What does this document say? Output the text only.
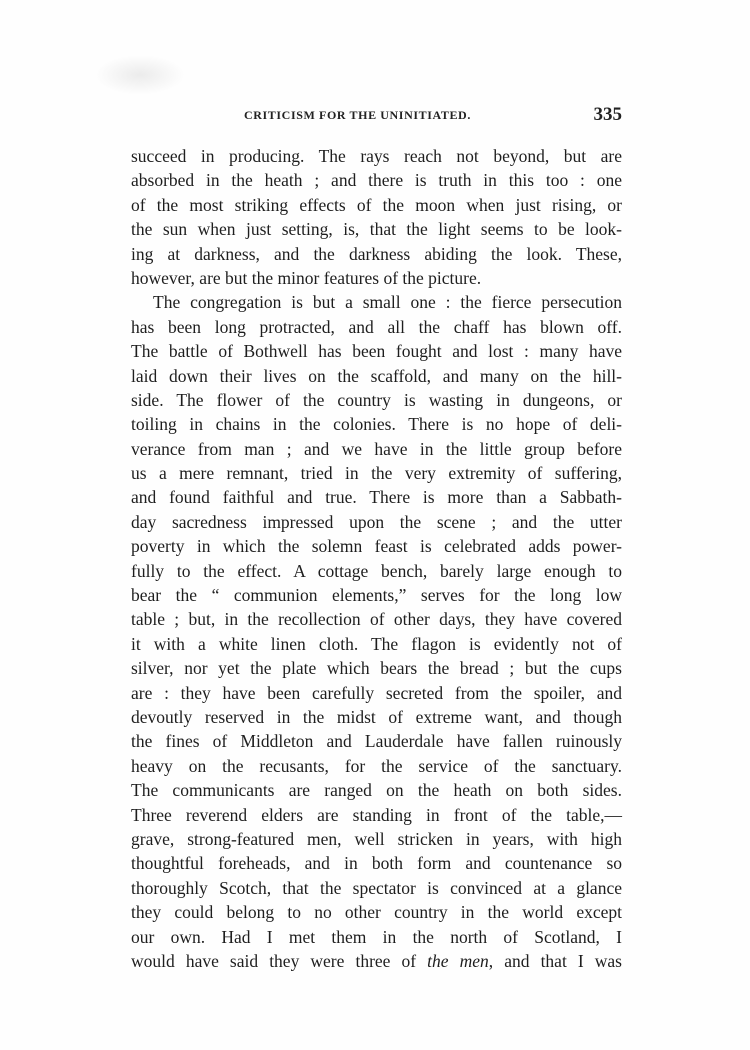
CRITICISM FOR THE UNINITIATED.	335
succeed in producing. The rays reach not beyond, but are
absorbed in the heath ; and there is truth in this too : one
of the most striking effects of the moon when just rising, or
the sun when just setting, is, that the light seems to be look-
ing at darkness, and the darkness abiding the look. These,
however, are but the minor features of the picture.
The congregation is but a small one : the fierce persecution
has been long protracted, and all the chaff has blown off.
The battle of Bothwell has been fought and lost : many have
laid down their lives on the scaffold, and many on the hill-
side. The flower of the country is wasting in dungeons, or
toiling in chains in the colonies. There is no hope of deli-
verance from man ; and we have in the little group before
us a mere remnant, tried in the very extremity of suffering,
and found faithful and true. There is more than a Sabbath-
day sacredness impressed upon the scene ; and the utter
poverty in which the solemn feast is celebrated adds power-
fully to the effect. A cottage bench, barely large enough to
bear the “ communion elements,” serves for the long low
table ; but, in the recollection of other days, they have covered
it with a white linen cloth. The flagon is evidently not of
silver, nor yet the plate which bears the bread ; but the cups
are : they have been carefully secreted from the spoiler, and
devoutly reserved in the midst of extreme want, and though
the fines of Middleton and Lauderdale have fallen ruinously
heavy on the recusants, for the service of the sanctuary.
The communicants are ranged on the heath on both sides.
Three reverend elders are standing in front of the table,—
grave, strong-featured men, well stricken in years, with high
thoughtful foreheads, and in both form and countenance so
thoroughly Scotch, that the spectator is convinced at a glance
they could belong to no other country in the world except
our own. Had I met them in the north of Scotland, I
would have said they were three of the men, and that I was
